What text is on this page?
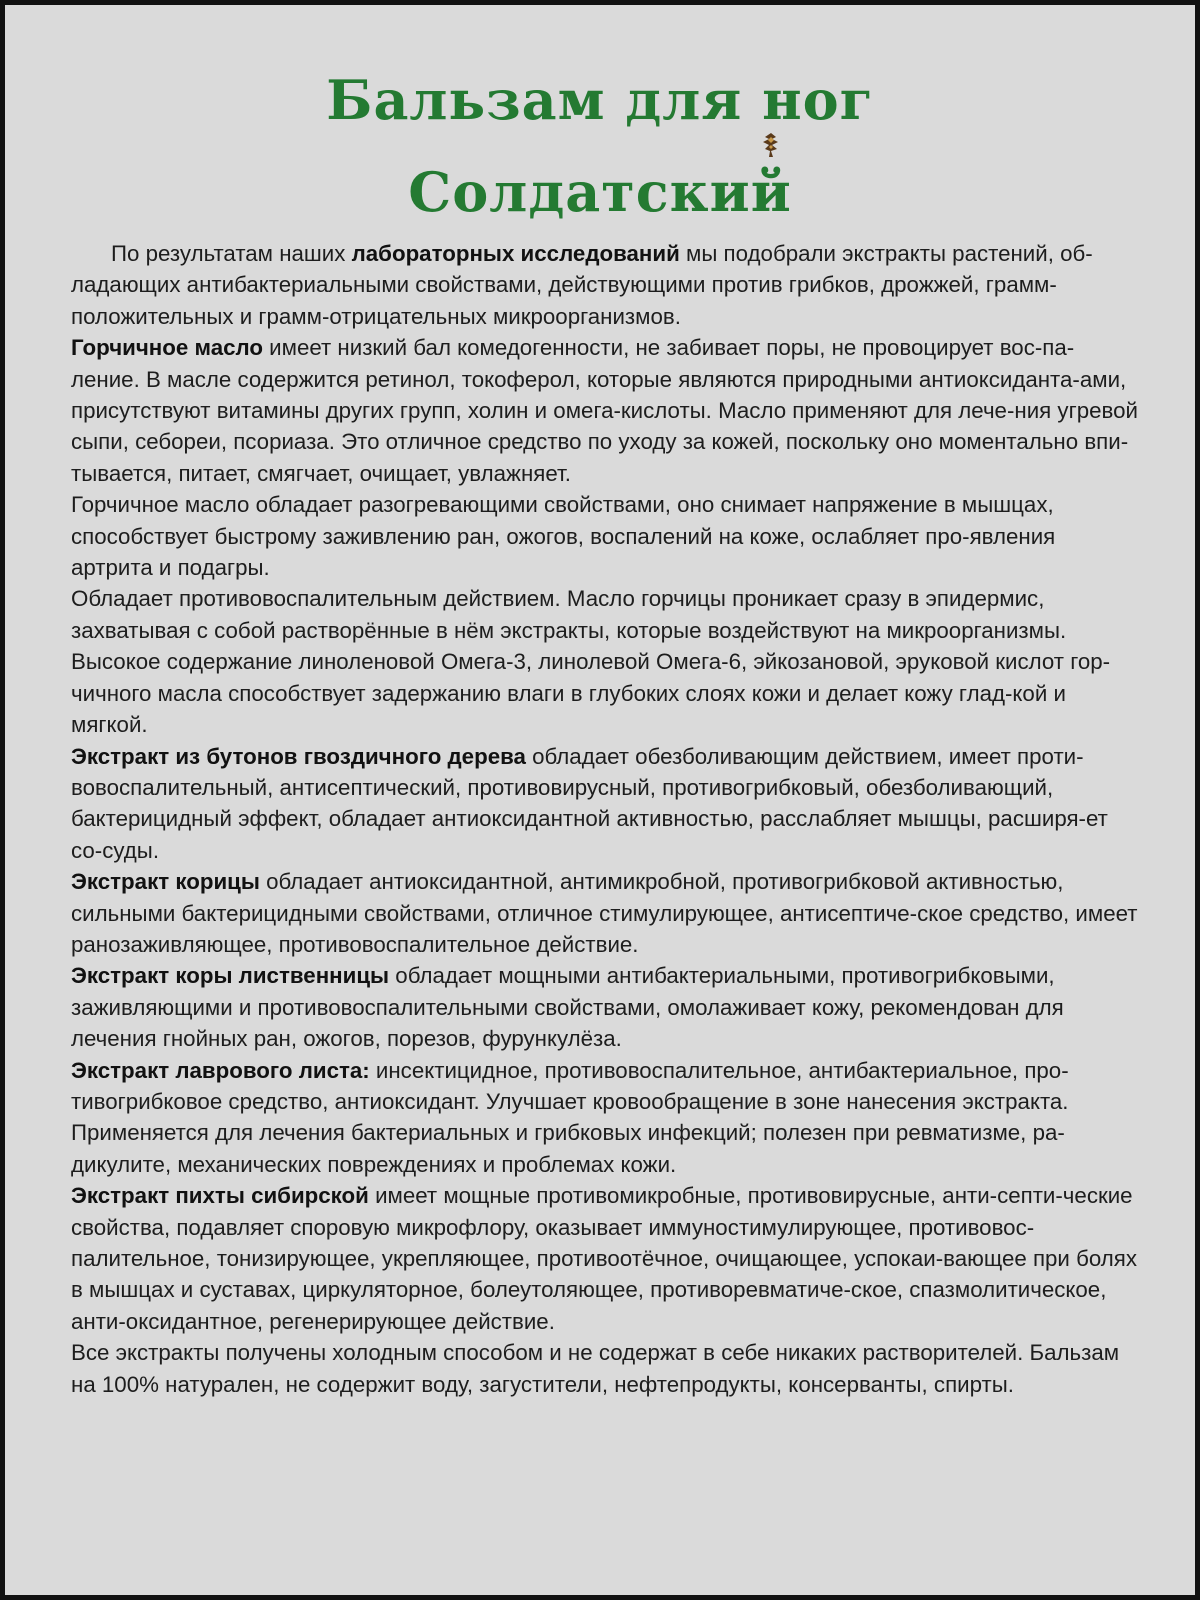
Бальзам для ног
Солдатский

По результатам наших лабораторных исследований мы подобрали экстракты растений, об-ладающих антибактериальными свойствами, действующими против грибков, дрожжей, грамм-положительных и грамм-отрицательных микроорганизмов.

Горчичное масло имеет низкий бал комедогенности, не забивает поры, не провоцирует вос-па-ление. В масле содержится ретинол, токоферол, которые являются природными антиоксиданта-ами, присутствуют витамины других групп, холин и омега-кислоты. Масло применяют для лече-ния угревой сыпи, себореи, псориаза. Это отличное средство по уходу за кожей, поскольку оно моментально впи-тывается, питает, смягчает, очищает, увлажняет.

Горчичное масло обладает разогревающими свойствами, оно снимает напряжение в мышцах, способствует быстрому заживлению ран, ожогов, воспалений на коже, ослабляет про-явления артрита и подагры.

Обладает противовоспалительным действием. Масло горчицы проникает сразу в эпидермис, захватывая с собой растворённые в нём экстракты, которые воздействуют на микроорганизмы. Высокое содержание линоленовой Омега-3, линолевой Омега-6, эйкозановой, эруковой кислот гор-чичного масла способствует задержанию влаги в глубоких слоях кожи и делает кожу глад-кой и мягкой.

Экстракт из бутонов гвоздичного дерева обладает обезболивающим действием, имеет проти-вовоспалительный, антисептический, противовирусный, противогрибковый, обезболивающий, бактерицидный эффект, обладает антиоксидантной активностью, расслабляет мышцы, расширя-ет со-суды.

Экстракт корицы обладает антиоксидантной, антимикробной, противогрибковой активностью, сильными бактерицидными свойствами, отличное стимулирующее, антисептиче-ское средство, имеет ранозаживляющее, противовоспалительное действие.

Экстракт коры лиственницы обладает мощными антибактериальными, противогрибковыми, заживляющими и противовоспалительными свойствами, омолаживает кожу, рекомендован для лечения гнойных ран, ожогов, порезов, фурункулёза.

Экстракт лаврового листа: инсектицидное, противовоспалительное, антибактериальное, про-тивогрибковое средство, антиоксидант. Улучшает кровообращение в зоне нанесения экстракта. Применяется для лечения бактериальных и грибковых инфекций; полезен при ревматизме, ра-дикулите, механических повреждениях и проблемах кожи.

Экстракт пихты сибирской имеет мощные противомикробные, противовирусные, анти-септи-ческие свойства, подавляет споровую микрофлору, оказывает иммуностимулирующее, противовос-палительное, тонизирующее, укрепляющее, противоотёчное, очищающее, успокаи-вающее при болях в мышцах и суставах, циркуляторное, болеутоляющее, противоревматиче-ское, спазмолитическое, анти-оксидантное, регенерирующее действие.

Все экстракты получены холодным способом и не содержат в себе никаких растворителей. Бальзам на 100% натурален, не содержит воду, загустители, нефтепродукты, консерванты, спирты.
